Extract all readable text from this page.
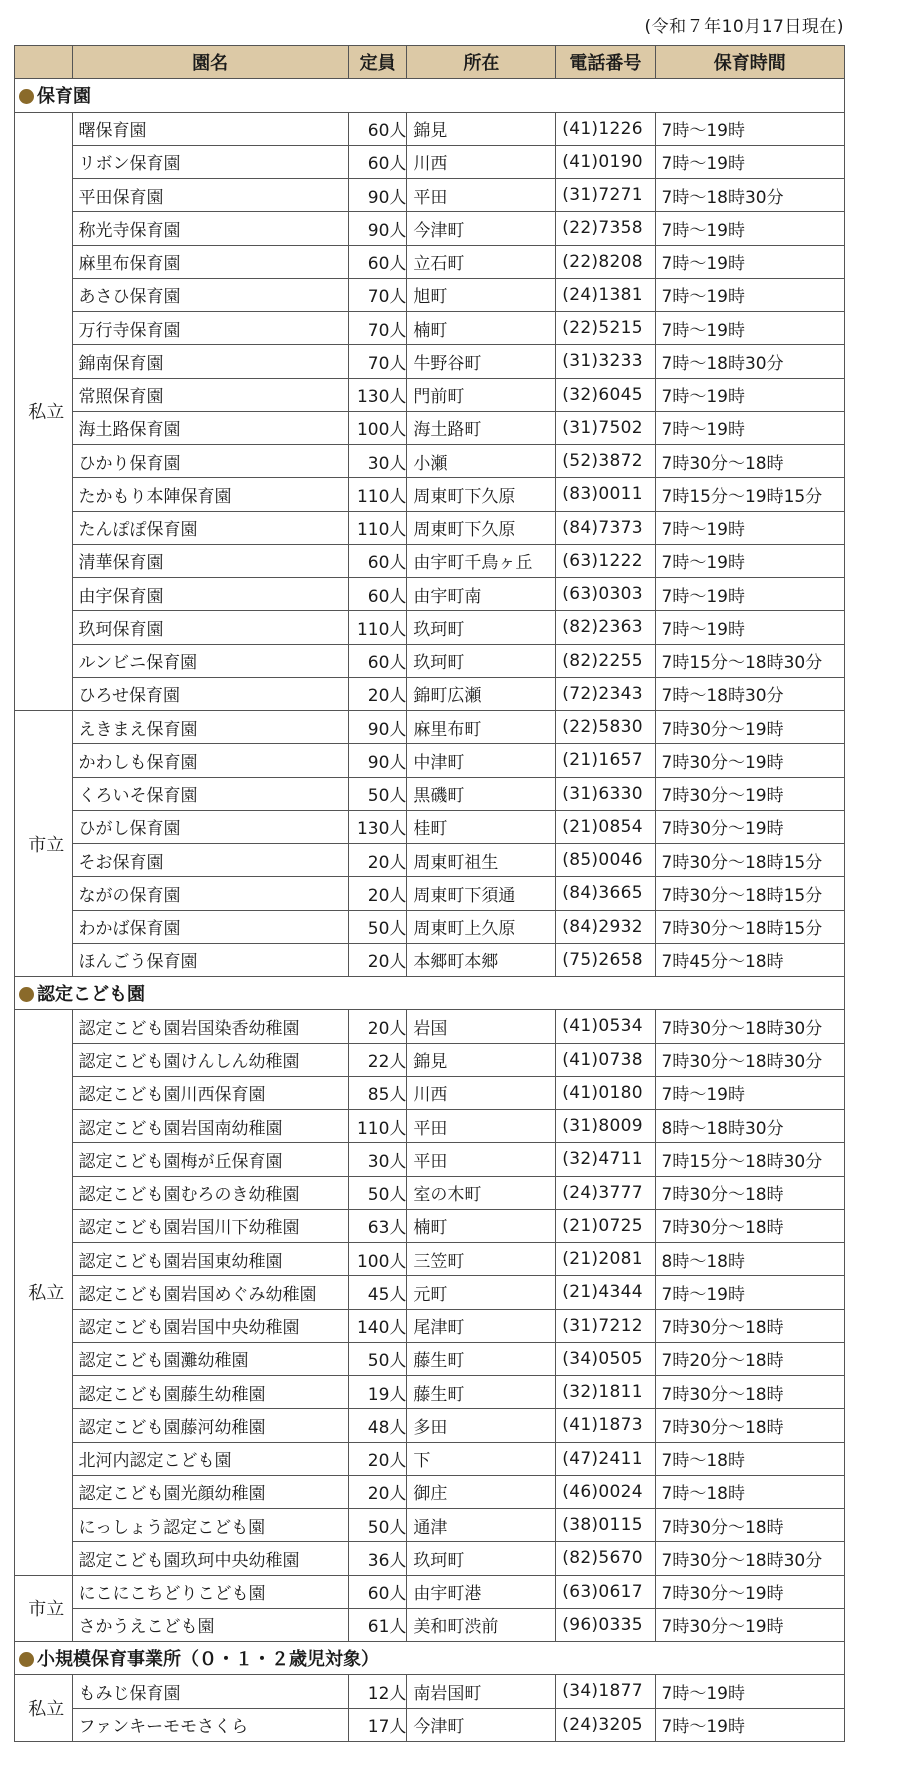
(令和７年10月17日現在)
	園名	定員	所在	電話番号	保育時間
保育園					
私立	曙保育園	60人	錦見	(41)1226	7時～19時
	リボン保育園	60人	川西	(41)0190	7時～19時
	平田保育園	90人	平田	(31)7271	7時～18時30分
	称光寺保育園	90人	今津町	(22)7358	7時～19時
	麻里布保育園	60人	立石町	(22)8208	7時～19時
	あさひ保育園	70人	旭町	(24)1381	7時～19時
	万行寺保育園	70人	楠町	(22)5215	7時～19時
	錦南保育園	70人	牛野谷町	(31)3233	7時～18時30分
	常照保育園	130人	門前町	(32)6045	7時～19時
	海土路保育園	100人	海土路町	(31)7502	7時～19時
	ひかり保育園	30人	小瀬	(52)3872	7時30分～18時
	たかもり本陣保育園	110人	周東町下久原	(83)0011	7時15分～19時15分
	たんぽぽ保育園	110人	周東町下久原	(84)7373	7時～19時
	清華保育園	60人	由宇町千鳥ヶ丘	(63)1222	7時～19時
	由宇保育園	60人	由宇町南	(63)0303	7時～19時
	玖珂保育園	110人	玖珂町	(82)2363	7時～19時
	ルンビニ保育園	60人	玖珂町	(82)2255	7時15分～18時30分
	ひろせ保育園	20人	錦町広瀬	(72)2343	7時～18時30分
市立	えきまえ保育園	90人	麻里布町	(22)5830	7時30分～19時
	かわしも保育園	90人	中津町	(21)1657	7時30分～19時
	くろいそ保育園	50人	黒磯町	(31)6330	7時30分～19時
	ひがし保育園	130人	桂町	(21)0854	7時30分～19時
	そお保育園	20人	周東町祖生	(85)0046	7時30分～18時15分
	ながの保育園	20人	周東町下須通	(84)3665	7時30分～18時15分
	わかば保育園	50人	周東町上久原	(84)2932	7時30分～18時15分
	ほんごう保育園	20人	本郷町本郷	(75)2658	7時45分～18時
認定こども園					
私立	認定こども園岩国染香幼稚園	20人	岩国	(41)0534	7時30分～18時30分
	認定こども園けんしん幼稚園	22人	錦見	(41)0738	7時30分～18時30分
	認定こども園川西保育園	85人	川西	(41)0180	7時～19時
	認定こども園岩国南幼稚園	110人	平田	(31)8009	8時～18時30分
	認定こども園梅が丘保育園	30人	平田	(32)4711	7時15分～18時30分
	認定こども園むろのき幼稚園	50人	室の木町	(24)3777	7時30分～18時
	認定こども園岩国川下幼稚園	63人	楠町	(21)0725	7時30分～18時
	認定こども園岩国東幼稚園	100人	三笠町	(21)2081	8時～18時
	認定こども園岩国めぐみ幼稚園	45人	元町	(21)4344	7時～19時
	認定こども園岩国中央幼稚園	140人	尾津町	(31)7212	7時30分～18時
	認定こども園灘幼稚園	50人	藤生町	(34)0505	7時20分～18時
	認定こども園藤生幼稚園	19人	藤生町	(32)1811	7時30分～18時
	認定こども園藤河幼稚園	48人	多田	(41)1873	7時30分～18時
	北河内認定こども園	20人	下	(47)2411	7時～18時
	認定こども園光顔幼稚園	20人	御庄	(46)0024	7時～18時
	にっしょう認定こども園	50人	通津	(38)0115	7時30分～18時
	認定こども園玖珂中央幼稚園	36人	玖珂町	(82)5670	7時30分～18時30分
市立	にこにこちどりこども園	60人	由宇町港	(63)0617	7時30分～19時
	さかうえこども園	61人	美和町渋前	(96)0335	7時30分～19時
小規模保育事業所（０・１・２歳児対象）					
私立	もみじ保育園	12人	南岩国町	(34)1877	7時～19時
	ファンキーモモさくら	17人	今津町	(24)3205	7時～19時
